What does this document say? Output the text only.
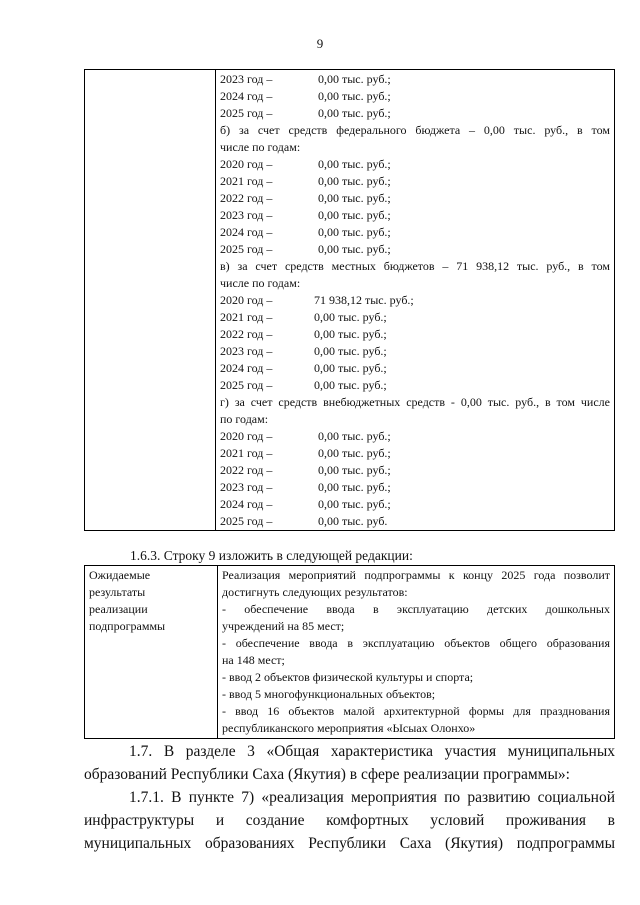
9

2023 год –	0,00 тыс. руб.;
2024 год –	0,00 тыс. руб.;
2025 год –	0,00 тыс. руб.;
б) за счет средств федерального бюджета – 0,00 тыс. руб., в том
числе по годам:
2020 год –	0,00 тыс. руб.;
2021 год –	0,00 тыс. руб.;
2022 год –	0,00 тыс. руб.;
2023 год –	0,00 тыс. руб.;
2024 год –	0,00 тыс. руб.;
2025 год –	0,00 тыс. руб.;
в) за счет средств местных бюджетов – 71 938,12 тыс. руб., в том
числе по годам:
2020 год –	71 938,12 тыс. руб.;
2021 год –	0,00 тыс. руб.;
2022 год –	0,00 тыс. руб.;
2023 год –	0,00 тыс. руб.;
2024 год –	0,00 тыс. руб.;
2025 год –	0,00 тыс. руб.;
г) за счет средств внебюджетных средств - 0,00 тыс. руб., в том числе
по годам:
2020 год –	0,00 тыс. руб.;
2021 год –	0,00 тыс. руб.;
2022 год –	0,00 тыс. руб.;
2023 год –	0,00 тыс. руб.;
2024 год –	0,00 тыс. руб.;
2025 год –	0,00 тыс. руб.
1.6.3. Строку 9 изложить в следующей редакции:
Ожидаемые
результаты
реализации
подпрограммы

Реализация мероприятий подпрограммы к концу 2025 года позволит
достигнуть следующих результатов:
- обеспечение ввода в эксплуатацию детских дошкольных
учреждений на 85 мест;
- обеспечение ввода в эксплуатацию объектов общего образования
на 148 мест;
- ввод 2 объектов физической культуры и спорта;
- ввод 5 многофункциональных объектов;
- ввод 16 объектов малой архитектурной формы для празднования
республиканского мероприятия «Ысыах Олонхо»
1.7. В разделе 3 «Общая характеристика участия муниципальных
образований Республики Саха (Якутия) в сфере реализации программы»:
1.7.1. В пункте 7) «реализация мероприятия по развитию социальной
инфраструктуры и создание комфортных условий проживания в
муниципальных образованиях Республики Саха (Якутия) подпрограммы
